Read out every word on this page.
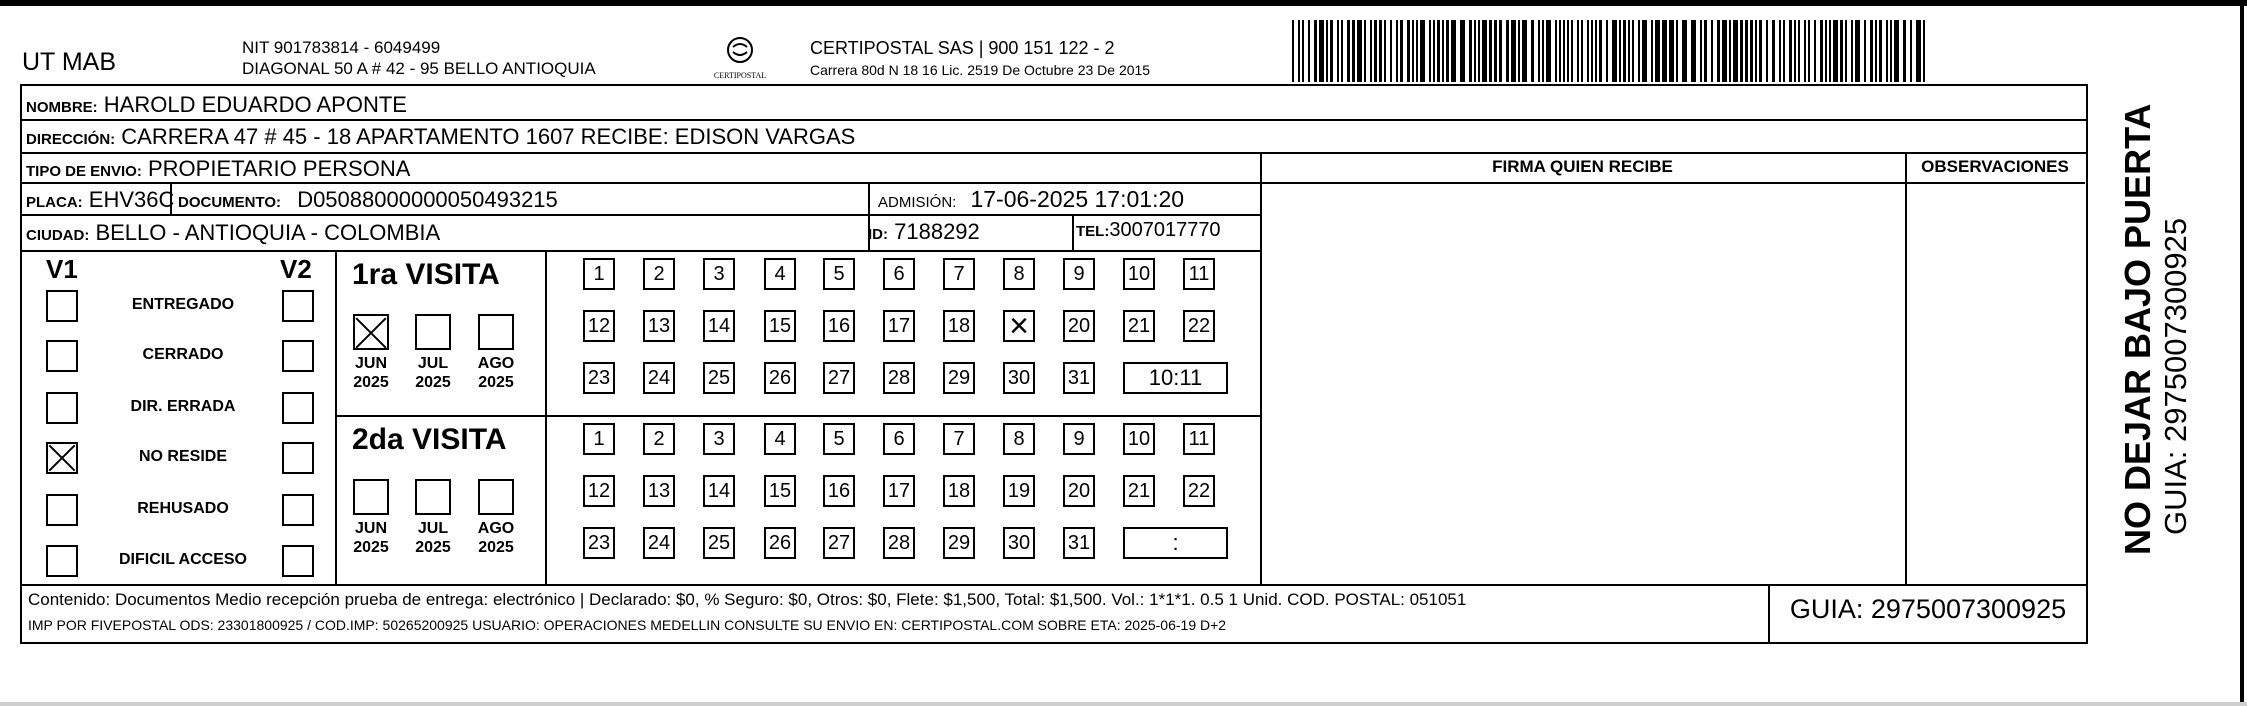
UT MAB
NIT 901783814 - 6049499
DIAGONAL 50 A # 42 - 95 BELLO ANTIOQUIA	CERTIPOSTAL
CERTIPOSTAL SAS | 900 151 122 - 2
Carrera 80d N 18 16 Lic. 2519 De Octubre 23 De 2015
NOMBRE: HAROLD EDUARDO APONTE
DIRECCIÓN: CARRERA 47 # 45 - 18 APARTAMENTO 1607 RECIBE: EDISON VARGAS
TIPO DE ENVIO: PROPIETARIO PERSONA	FIRMA QUIEN RECIBE	OBSERVACIONES
PLACA: EHV36C DOCUMENTO: D05088000000050493215	ADMISIÓN: 17-06-2025 17:01:20
CIUDAD: BELLO - ANTIOQUIA - COLOMBIA	ID: 7188292	TEL:3007017770
V1	V2
ENTREGADO
CERRADO
DIR. ERRADA
NO RESIDE
REHUSADO
DIFICIL ACCESO
1ra VISITA
JUN
2025
JUL
2025
AGO
2025
1	2	3	4	5	6	7	8	9	10 11
12 13 14 15 16 17 18
×	20 21 22
23 24 25 26 27 28 29 30 31	10:11
2da VISITA
JUN
2025
JUL
2025
AGO
2025
1	2	3	4	5	6	7	8	9	10 11
12 13 14 15 16 17 18 19 20 21 22
23 24 25 26 27 28 29 30 31	:
Contenido: Documentos Medio recepción prueba de entrega: electrónico | Declarado: $0, % Seguro: $0, Otros: $0, Flete: $1,500, Total: $1,500. Vol.: 1*1*1. 0.5 1 Unid. COD. POSTAL: 051051
IMP POR FIVEPOSTAL ODS: 23301800925 / COD.IMP: 50265200925 USUARIO: OPERACIONES MEDELLIN CONSULTE SU ENVIO EN: CERTIPOSTAL.COM SOBRE ETA: 2025-06-19 D+2
GUIA: 2975007300925
NO DEJAR BAJO PUERTA GUIA: 2975007300925
